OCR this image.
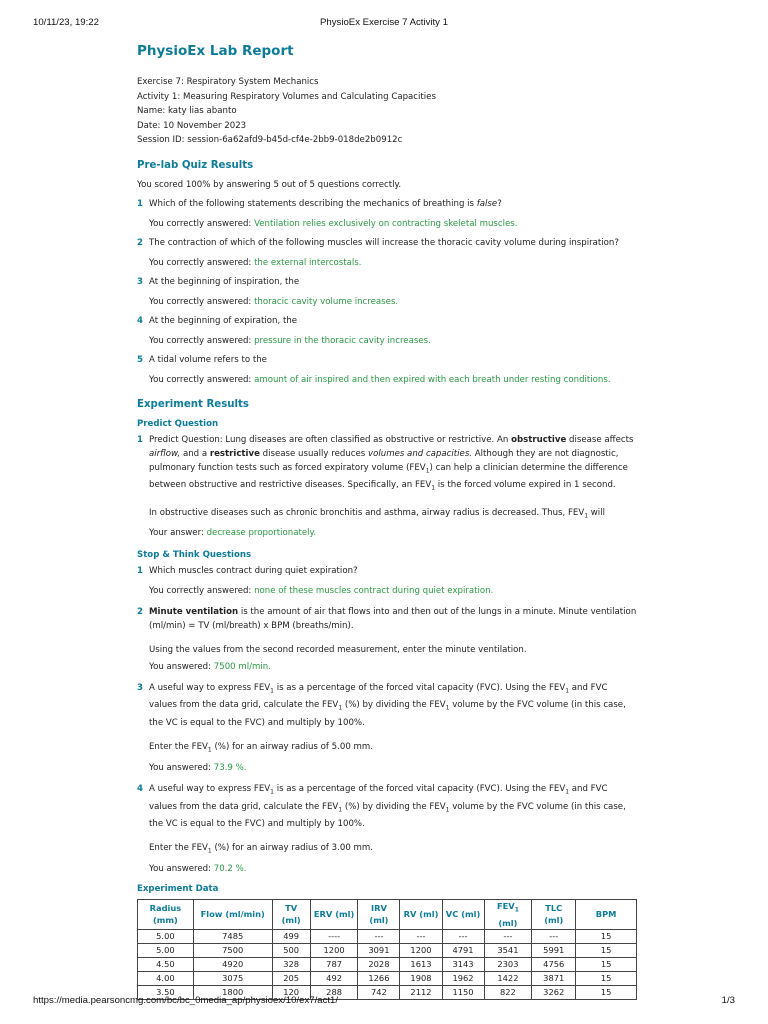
10/11/23, 19:22	PhysioEx Exercise 7 Activity 1
PhysioEx Lab Report
Exercise 7: Respiratory System Mechanics
Activity 1: Measuring Respiratory Volumes and Calculating Capacities
Name: katy lias abanto
Date: 10 November 2023
Session ID: session-6a62afd9-b45d-cf4e-2bb9-018de2b0912c
Pre-lab Quiz Results
You scored 100% by answering 5 out of 5 questions correctly.
1 Which of the following statements describing the mechanics of breathing is false?
You correctly answered: Ventilation relies exclusively on contracting skeletal muscles.
2 The contraction of which of the following muscles will increase the thoracic cavity volume during inspiration?
You correctly answered: the external intercostals.
3 At the beginning of inspiration, the
You correctly answered: thoracic cavity volume increases.
4 At the beginning of expiration, the
You correctly answered: pressure in the thoracic cavity increases.
5 A tidal volume refers to the
You correctly answered: amount of air inspired and then expired with each breath under resting conditions.
Experiment Results
Predict Question
1 Predict Question: Lung diseases are often classified as obstructive or restrictive. An obstructive disease affects airflow, and a restrictive disease usually reduces volumes and capacities. Although they are not diagnostic, pulmonary function tests such as forced expiratory volume $(FEV_1)$ can help a clinician determine the difference between obstructive and restrictive diseases. Specifically, an $FEV_1$ is the forced volume expired in 1 second.
In obstructive diseases such as chronic bronchitis and asthma, airway radius is decreased. Thus, $FEV_1$ will
Your answer: decrease proportionately.
Stop & Think Questions
1 Which muscles contract during quiet expiration?
You correctly answered: none of these muscles contract during quiet expiration.
2 Minute ventilation is the amount of air that flows into and then out of the lungs in a minute. Minute ventilation (ml/min) = TV (ml/breath) x BPM (breaths/min).
Using the values from the second recorded measurement, enter the minute ventilation.
You answered: 7500 ml/min.
3 A useful way to express $FEV_1$ is as a percentage of the forced vital capacity (FVC). Using the $FEV_1$ and FVC values from the data grid, calculate the $FEV_1$ (%) by dividing the $FEV_1$ volume by the FVC volume (in this case, the VC is equal to the FVC) and multiply by 100%.
Enter the $FEV_1$ (%) for an airway radius of 5.00 mm.
You answered: 73.9 %.
4 A useful way to express $FEV_1$ is as a percentage of the forced vital capacity (FVC). Using the $FEV_1$ and FVC values from the data grid, calculate the $FEV_1$ (%) by dividing the $FEV_1$ volume by the FVC volume (in this case, the VC is equal to the FVC) and multiply by 100%.
Enter the $FEV_1$ (%) for an airway radius of 3.00 mm.
You answered: 70.2 %.
Experiment Data
Radius (mm)	Flow (ml/min)	TV (ml)	ERV (ml)	IRV (ml)	RV (ml)	VC (ml)	$FEV_1$ (ml)	TLC (ml)	BPM
5.00	7485	499	----	---	---	---	---	---	15
5.00	7500	500	1200	3091	1200	4791	3541	5991	15
4.50	4920	328	787	2028	1613	3143	2303	4756	15
4.00	3075	205	492	1266	1908	1962	1422	3871	15
3.50	1800	120	288	742	2112	1150	822	3262	15
https://media.pearsoncmg.com/bc/bc_0media_ap/physioex/10/ex7/act1/	1/3
